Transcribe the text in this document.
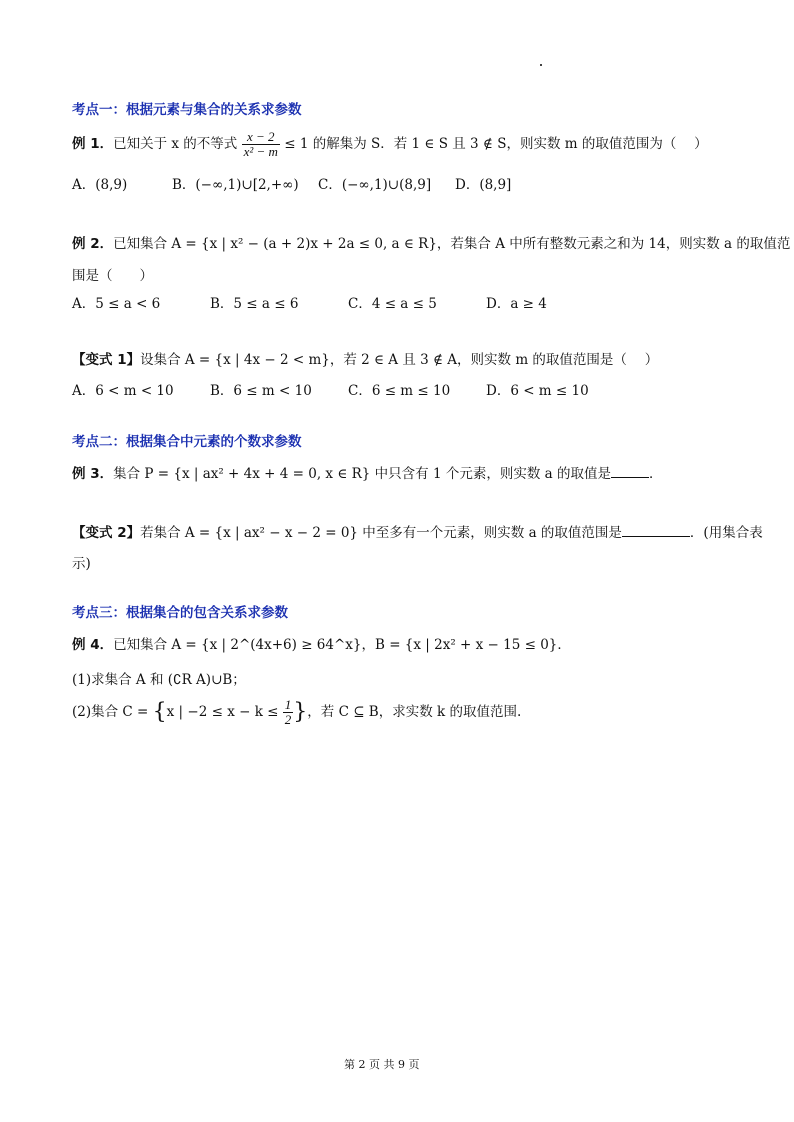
考点一：根据元素与集合的关系求参数
例 1．已知关于 x 的不等式 $\frac{x - 2}{\text{x² − m}} \le 1$ 的解集为 S．若 1 ∈ S 且 3 ∉ S，则实数 m 的取值范围为（　 ）
A．(8,9)	B．(−∞,1)∪[2,+∞) C．(−∞,1)∪(8,9] D．(8,9]
例 2．已知集合 A = {x | x² − (a + 2)x + 2a ≤ 0, a ∈ R}，若集合 A 中所有整数元素之和为 14，则实数 a 的取值范
围是（　　）
A．5 ≤ a < 6	B．5 ≤ a ≤ 6	C．4 ≤ a ≤ 5	D．a ≥ 4
【变式 1】设集合 A = {x | 4x − 2 < m}，若 2 ∈ A 且 3 ∉ A，则实数 m 的取值范围是（　 ）
A．6 < m < 10	B．6 ≤ m < 10	C．6 ≤ m ≤ 10	D．6 < m ≤ 10
考点二：根据集合中元素的个数求参数
例 3．集合 P = {x | ax² + 4x + 4 = 0, x ∈ R} 中只含有 1 个元素，则实数 a 的取值是	．
【变式 2】若集合 A = {x | ax² − x − 2 = 0} 中至多有一个元素，则实数 a 的取值范围是	．(用集合表
示)
考点三：根据集合的包含关系求参数
例 4．已知集合 A = {x | 2^(4x+6) ≥ 64^x}，B = {x | 2x² + x − 15 ≤ 0}．
(1)求集合 A 和 (∁R A)∪B；
(2)集合 C = {x | $-2 \le x - k \le \frac{1}{2}$ }，若 C ⊆ B，求实数 k 的取值范围.
第 2 页 共 9 页
